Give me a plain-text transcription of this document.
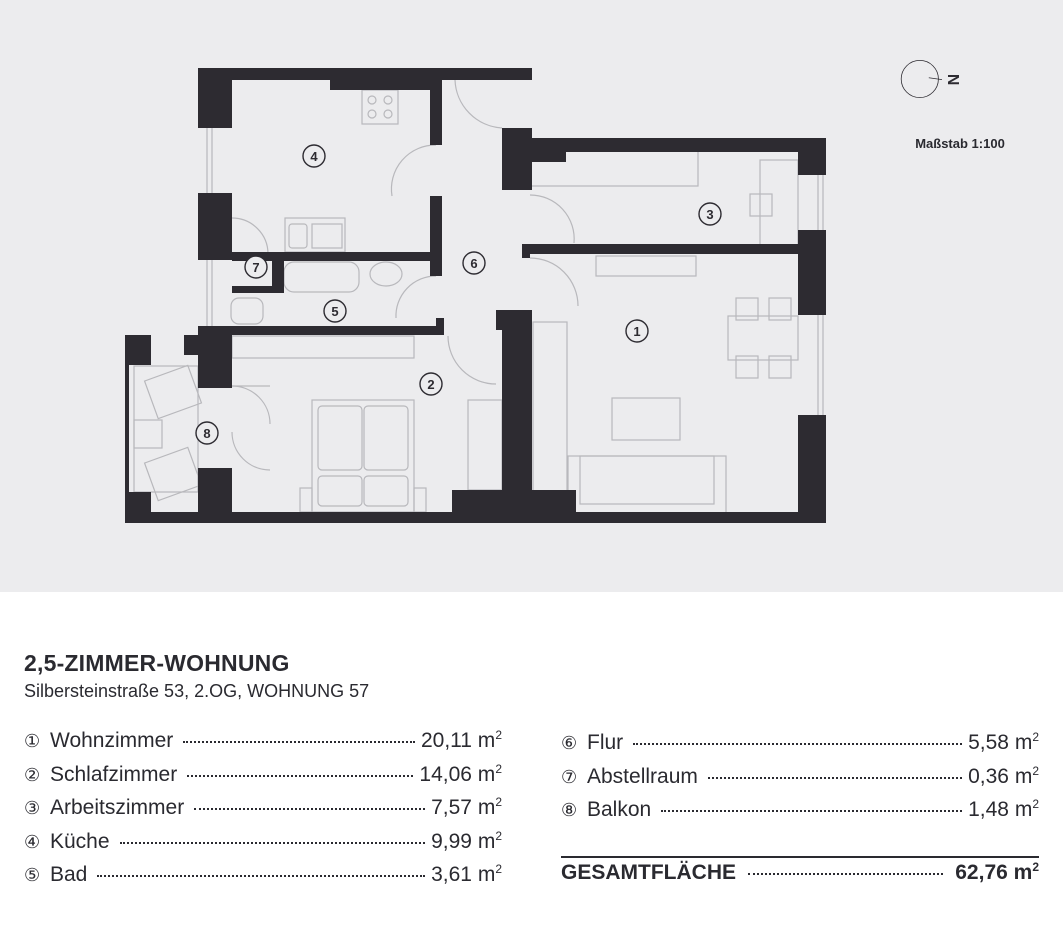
1
2
3
4
5
6
7
8
N
Maßstab 1:100
2,5-ZIMMER-WOHNUNG
Silbersteinstraße 53, 2.OG, WOHNUNG 57
① Wohnzimmer	20,11 $m^2$
② Schlafzimmer	14,06 $m^2$
③ Arbeitszimmer	7,57 $m^2$
④ Küche	9,99 $m^2$
⑤ Bad	3,61 $m^2$
⑥ Flur	5,58 $m^2$
⑦ Abstellraum	0,36 $m^2$
⑧ Balkon	1,48 $m^2$
GESAMTFLÄCHE	62,76 $m^2$
